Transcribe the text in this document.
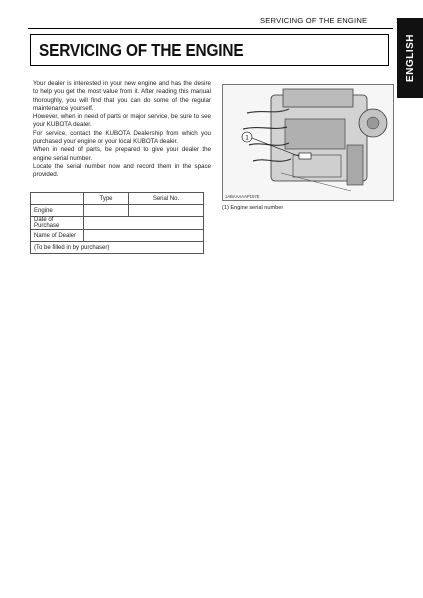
SERVICING OF THE ENGINE
ENGLISH
SERVICING OF THE ENGINE

Your dealer is interested in your new engine and has the desire to help you get the most value from it. After reading this manual thoroughly, you will find that you can do some of the regular maintenance yourself.

However, when in need of parts or major service, be sure to see your KUBOTA dealer.

For service, contact the KUBOTA Dealership from which you purchased your engine or your local KUBOTA dealer.

When in need of parts, be prepared to give your dealer the engine serial number.

Locate the serial number now and record them in the space provided.

	Type	Serial No.
Engine		
Date of Purchase		
Name of Dealer		
(To be filled in by purchaser)		
1
1ABAAAAAP157E
(1) Engine serial number
